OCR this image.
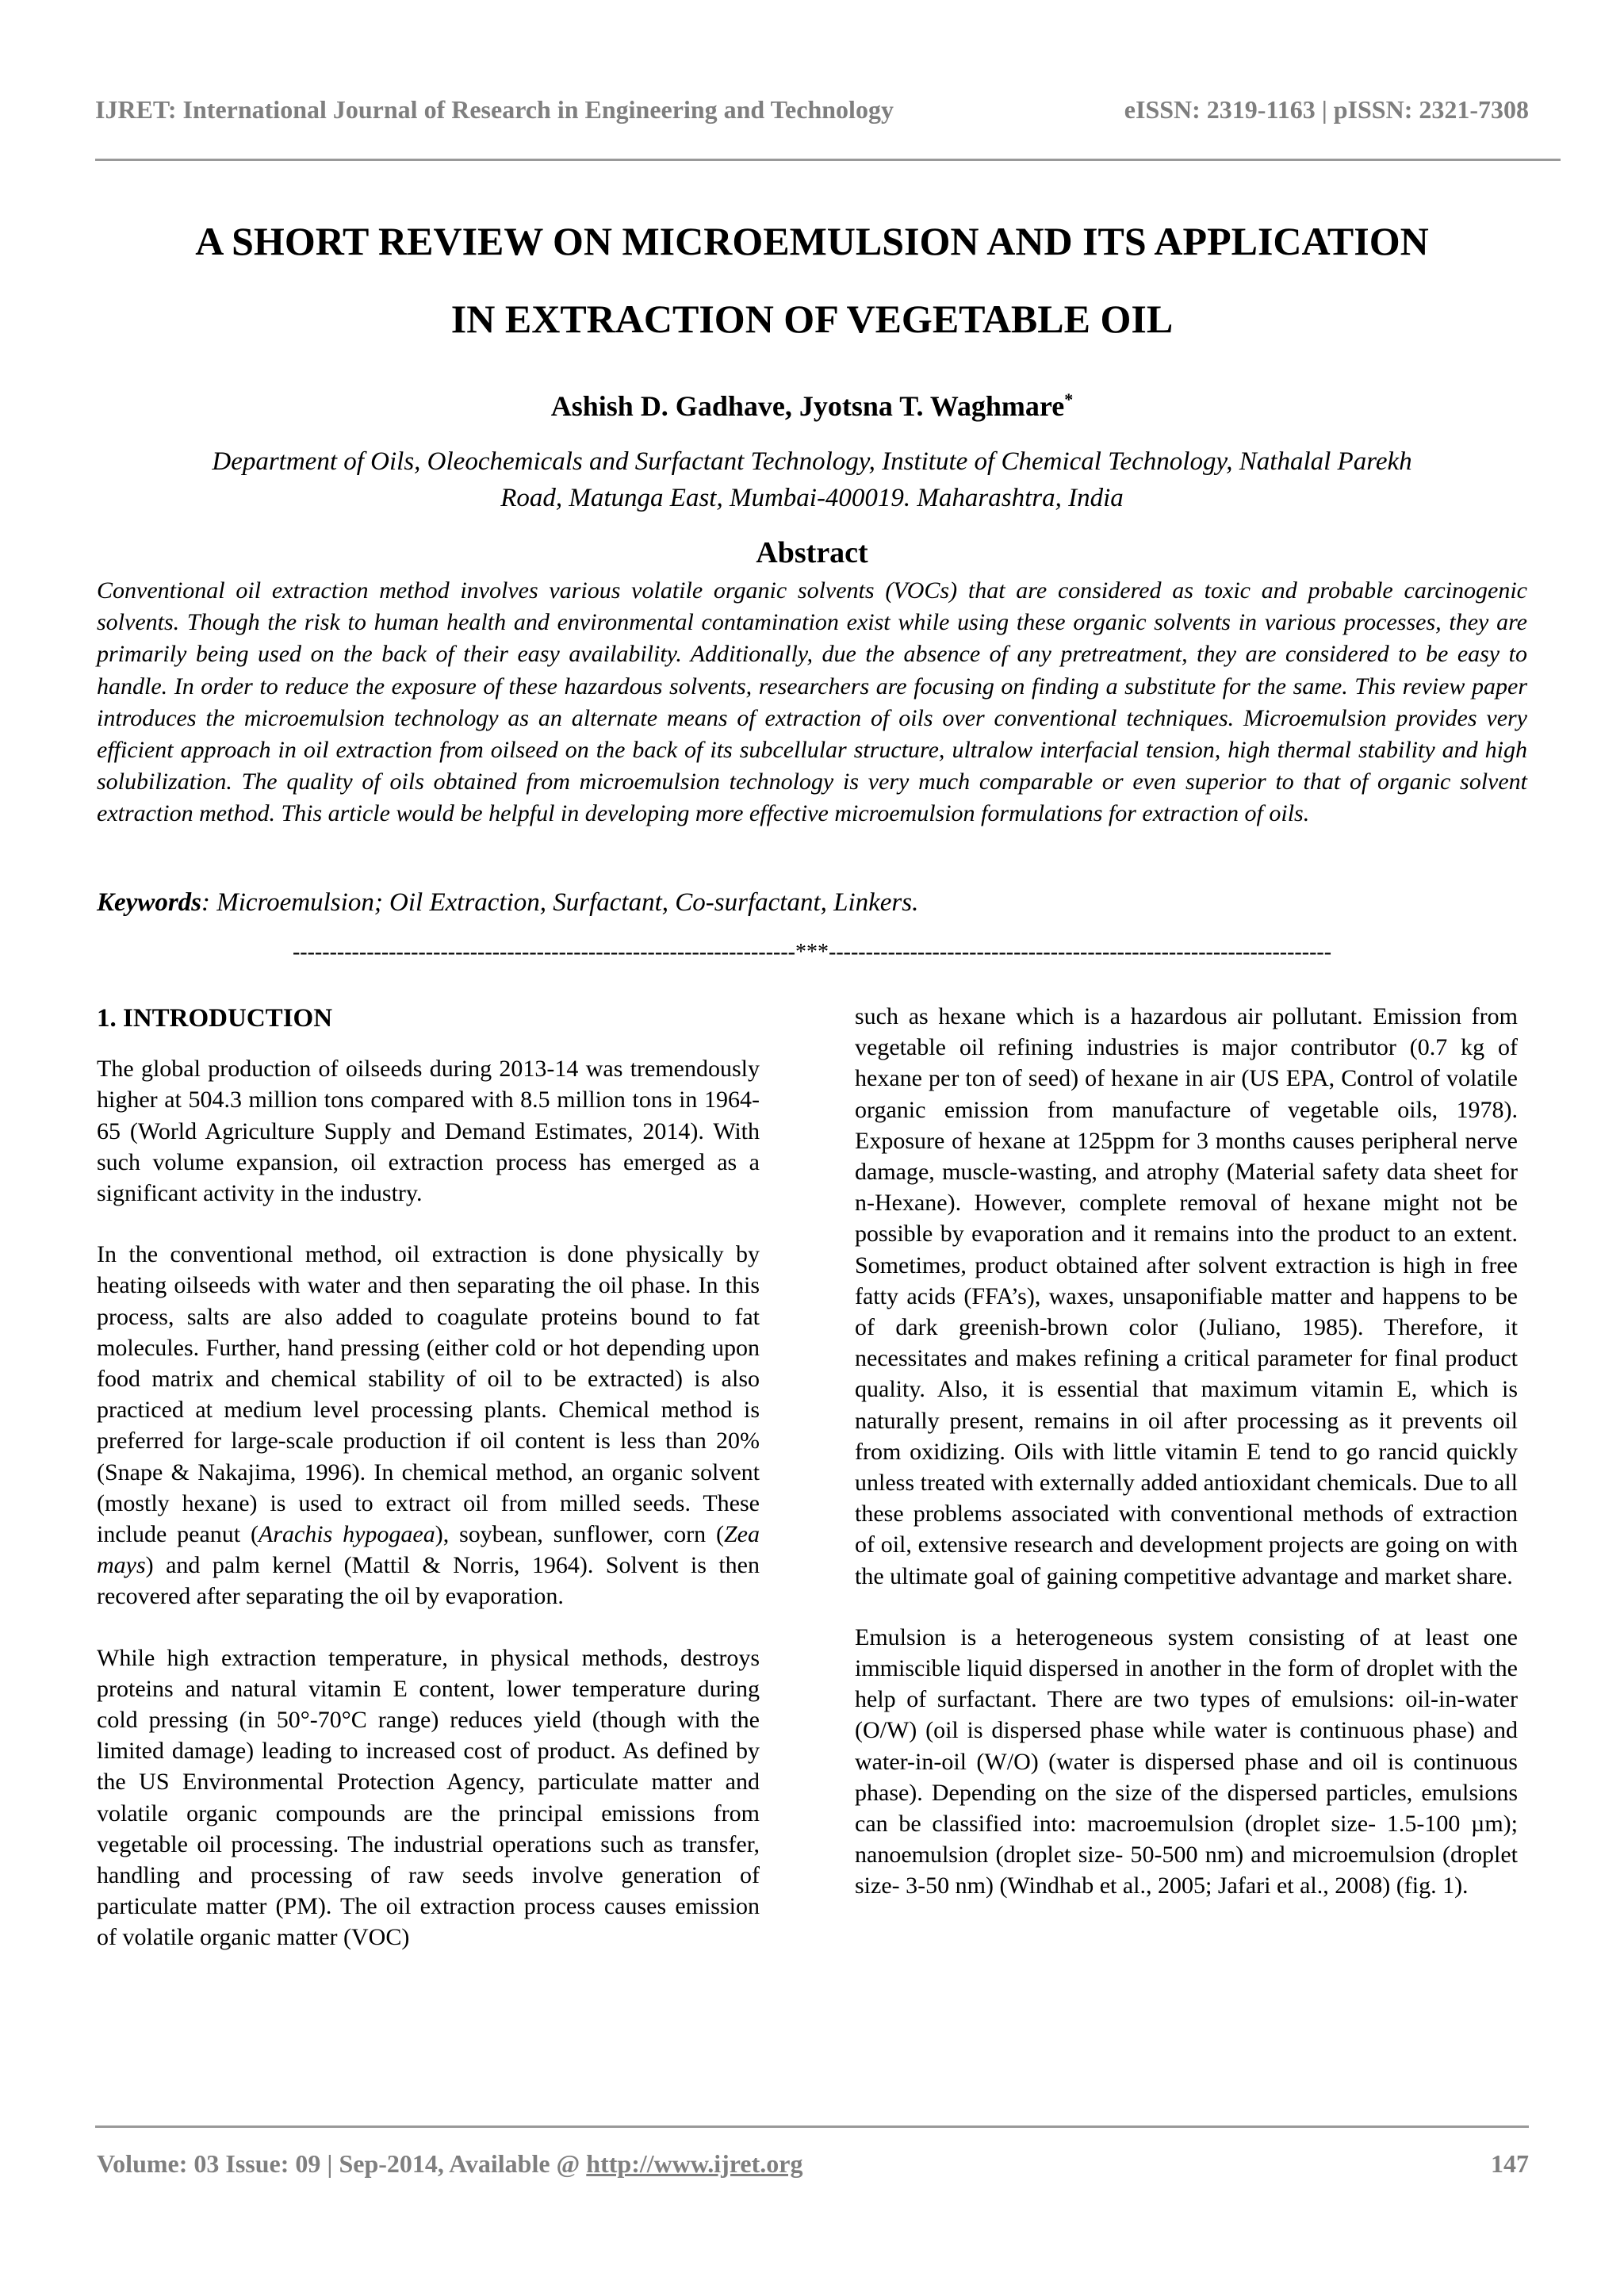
IJRET: International Journal of Research in Engineering and Technology	eISSN: 2319-1163 | pISSN: 2321-7308
A SHORT REVIEW ON MICROEMULSION AND ITS APPLICATION
IN EXTRACTION OF VEGETABLE OIL
Ashish D. Gadhave, Jyotsna T. Waghmare*
Department of Oils, Oleochemicals and Surfactant Technology, Institute of Chemical Technology, Nathalal Parekh
Road, Matunga East, Mumbai-400019. Maharashtra, India
Abstract

Conventional oil extraction method involves various volatile organic solvents (VOCs) that are considered as toxic and probable carcinogenic solvents. Though the risk to human health and environmental contamination exist while using these organic solvents in various processes, they are primarily being used on the back of their easy availability. Additionally, due the absence of any pretreatment, they are considered to be easy to handle. In order to reduce the exposure of these hazardous solvents, researchers are focusing on finding a substitute for the same. This review paper introduces the microemulsion technology as an alternate means of extraction of oils over conventional techniques. Microemulsion provides very efficient approach in oil extraction from oilseed on the back of its subcellular structure, ultralow interfacial tension, high thermal stability and high solubilization. The quality of oils obtained from microemulsion technology is very much comparable or even superior to that of organic solvent extraction method. This article would be helpful in developing more effective microemulsion formulations for extraction of oils.

Keywords: Microemulsion; Oil Extraction, Surfactant, Co-surfactant, Linkers.
--------------------------------------------------------------------***--------------------------------------------------------------------
1. INTRODUCTION

The global production of oilseeds during 2013-14 was tremendously higher at 504.3 million tons compared with 8.5 million tons in 1964-65 (World Agriculture Supply and Demand Estimates, 2014). With such volume expansion, oil extraction process has emerged as a significant activity in the industry.

In the conventional method, oil extraction is done physically by heating oilseeds with water and then separating the oil phase. In this process, salts are also added to coagulate proteins bound to fat molecules. Further, hand pressing (either cold or hot depending upon food matrix and chemical stability of oil to be extracted) is also practiced at medium level processing plants. Chemical method is preferred for large-scale production if oil content is less than 20% (Snape & Nakajima, 1996). In chemical method, an organic solvent (mostly hexane) is used to extract oil from milled seeds. These include peanut (Arachis hypogaea), soybean, sunflower, corn (Zea mays) and palm kernel (Mattil & Norris, 1964). Solvent is then recovered after separating the oil by evaporation.

While high extraction temperature, in physical methods, destroys proteins and natural vitamin E content, lower temperature during cold pressing (in 50°-70°C range) reduces yield (though with the limited damage) leading to increased cost of product. As defined by the US Environmental Protection Agency, particulate matter and volatile organic compounds are the principal emissions from vegetable oil processing. The industrial operations such as transfer, handling and processing of raw seeds involve generation of particulate matter (PM). The oil extraction process causes emission of volatile organic matter (VOC)

such as hexane which is a hazardous air pollutant. Emission from vegetable oil refining industries is major contributor (0.7 kg of hexane per ton of seed) of hexane in air (US EPA, Control of volatile organic emission from manufacture of vegetable oils, 1978). Exposure of hexane at 125ppm for 3 months causes peripheral nerve damage, muscle-wasting, and atrophy (Material safety data sheet for n-Hexane). However, complete removal of hexane might not be possible by evaporation and it remains into the product to an extent. Sometimes, product obtained after solvent extraction is high in free fatty acids (FFA’s), waxes, unsaponifiable matter and happens to be of dark greenish-brown color (Juliano, 1985). Therefore, it necessitates and makes refining a critical parameter for final product quality. Also, it is essential that maximum vitamin E, which is naturally present, remains in oil after processing as it prevents oil from oxidizing. Oils with little vitamin E tend to go rancid quickly unless treated with externally added antioxidant chemicals. Due to all these problems associated with conventional methods of extraction of oil, extensive research and development projects are going on with the ultimate goal of gaining competitive advantage and market share.

Emulsion is a heterogeneous system consisting of at least one immiscible liquid dispersed in another in the form of droplet with the help of surfactant. There are two types of emulsions: oil-in-water (O/W) (oil is dispersed phase while water is continuous phase) and water-in-oil (W/O) (water is dispersed phase and oil is continuous phase). Depending on the size of the dispersed particles, emulsions can be classified into: macroemulsion (droplet size- 1.5-100 µm); nanoemulsion (droplet size- 50-500 nm) and microemulsion (droplet size- 3-50 nm) (Windhab et al., 2005; Jafari et al., 2008) (fig. 1).

Volume: 03 Issue: 09 | Sep-2014, Available @ http://www.ijret.org	147
